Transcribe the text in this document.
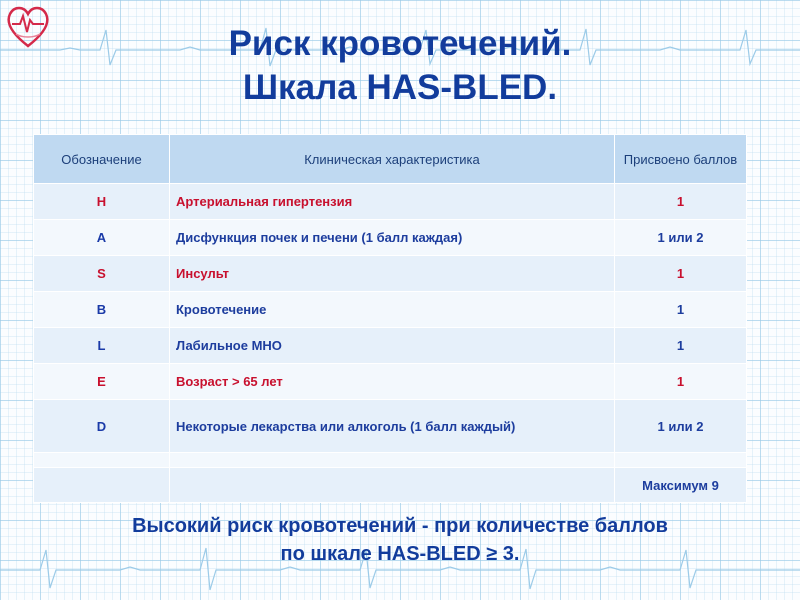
Риск кровотечений.
Шкала HAS-BLED.
Обозначение	Клиническая характеристика	Присвоено баллов
H	Артериальная гипертензия	1
A	Дисфункция почек и печени (1 балл каждая)	1 или 2
S	Инсульт	1
B	Кровотечение	1
L	Лабильное МНО	1
E	Возраст > 65 лет	1
D	Некоторые лекарства или алкоголь (1 балл каждый)	1 или 2

		Максимум 9
Высокий риск кровотечений - при количестве баллов
по шкале HAS-BLED ≥ 3.
